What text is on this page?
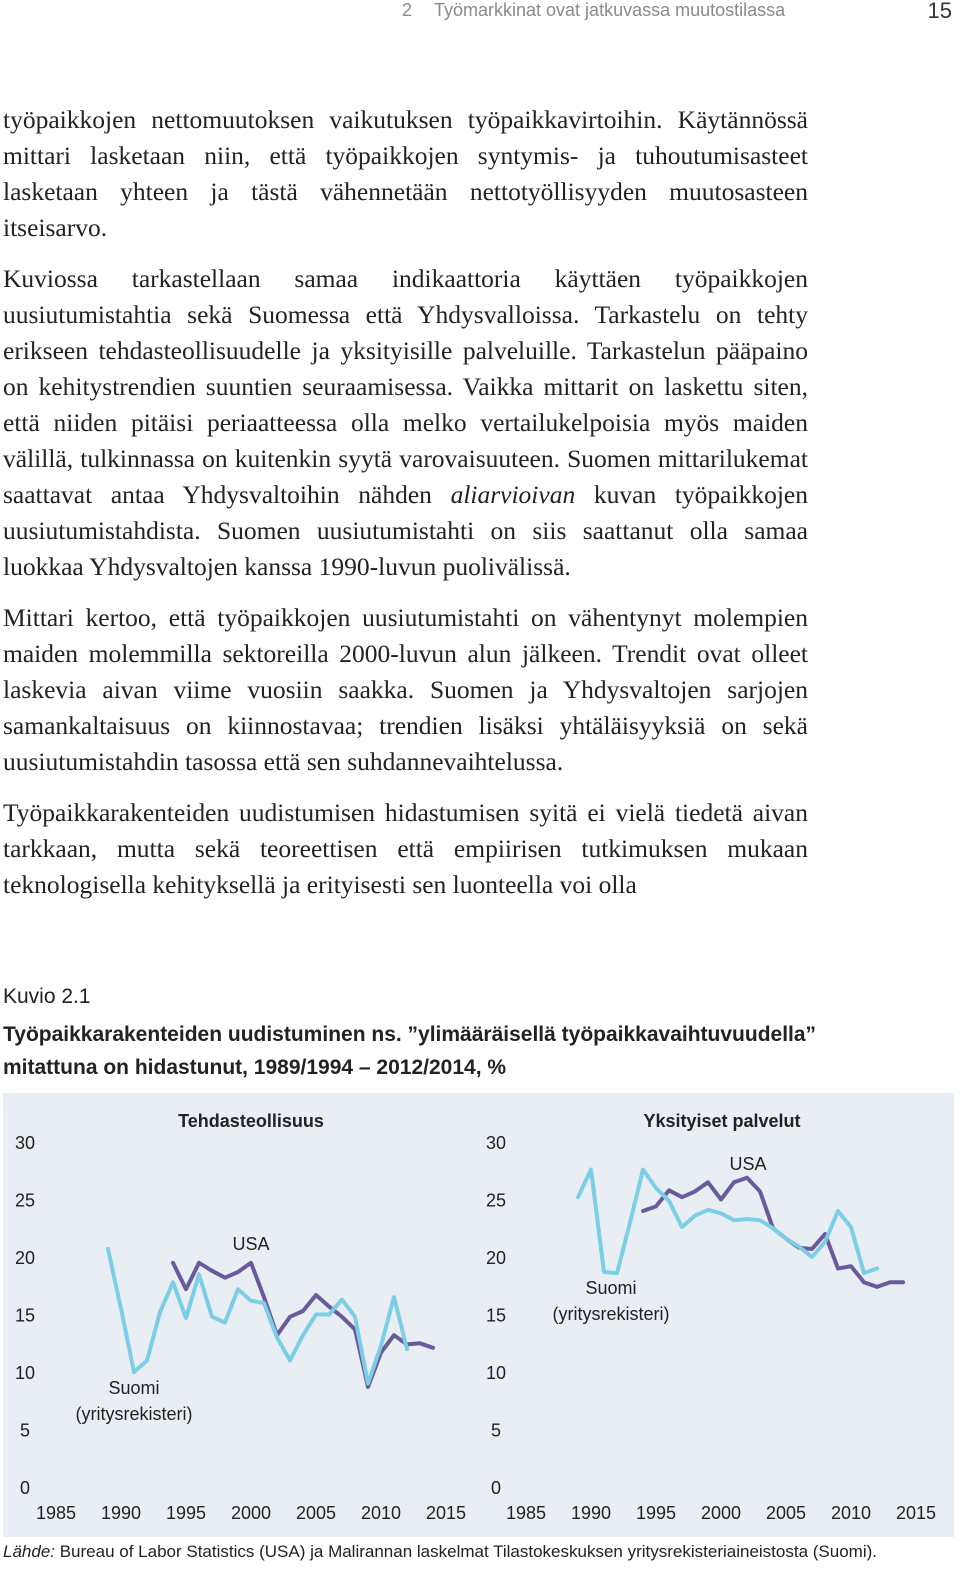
2 Työmarkkinat ovat jatkuvassa muutostilassa	15

työpaikkojen nettomuutoksen vaikutuksen työpaikkavirtoihin. Käytännössä mittari lasketaan niin, että työpaikkojen syntymis- ja tuhoutumisasteet lasketaan yhteen ja tästä vähennetään nettotyöllisyyden muutosasteen itseisarvo.

Kuviossa tarkastellaan samaa indikaattoria käyttäen työpaikkojen uusiutumistahtia sekä Suomessa että Yhdysvalloissa. Tarkastelu on tehty erikseen tehdasteollisuudelle ja yksityisille palveluille. Tarkastelun pääpaino on kehitystrendien suuntien seuraamisessa. Vaikka mittarit on laskettu siten, että niiden pitäisi periaatteessa olla melko vertailukelpoisia myös maiden välillä, tulkinnassa on kuitenkin syytä varovaisuuteen. Suomen mittarilukemat saattavat antaa Yhdysvaltoihin nähden aliarvioivan kuvan työpaikkojen uusiutumistahdista. Suomen uusiutumistahti on siis saattanut olla samaa luokkaa Yhdysvaltojen kanssa 1990-luvun puolivälissä.

Mittari kertoo, että työpaikkojen uusiutumistahti on vähentynyt molempien maiden molemmilla sektoreilla 2000-luvun alun jälkeen. Trendit ovat olleet laskevia aivan viime vuosiin saakka. Suomen ja Yhdysvaltojen sarjojen samankaltaisuus on kiinnostavaa; trendien lisäksi yhtäläisyyksiä on sekä uusiutumistahdin tasossa että sen suhdannevaihtelussa.

Työpaikkarakenteiden uudistumisen hidastumisen syitä ei vielä tiedetä aivan tarkkaan, mutta sekä teoreettisen että empiirisen tutkimuksen mukaan teknologisella kehityksellä ja erityisesti sen luonteella voi olla

Kuvio 2.1
Työpaikkarakenteiden uudistuminen ns. ”ylimääräisellä työpaikkavaihtuvuudella”
mitattuna on hidastunut, 1989/1994 – 2012/2014, %
Tehdasteollisuus
0
5
10
15
20
25
30
1985 1990 1995 2000 2005 2010 2015
USA
Suomi
(yritysrekisteri)
Yksityiset palvelut
0
5
10
15
20
25
30
1985 1990 1995 2000 2005 2010 2015
USA
Suomi
(yritysrekisteri)
Lähde: Bureau of Labor Statistics (USA) ja Malirannan laskelmat Tilastokeskuksen yritysrekisteriaineistosta (Suomi).
